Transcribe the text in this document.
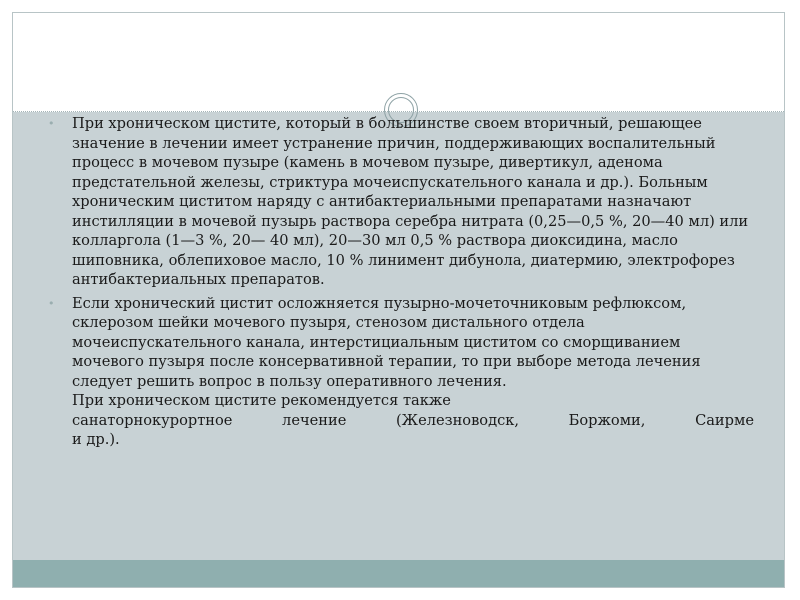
•	При хроническом цистите, который в большинстве своем вторичный, решающее значение в лечении имеет устранение причин, поддерживающих воспалительный процесс в мочевом пузыре (камень в мочевом пузыре, дивертикул, аденома предстательной железы, стриктура мочеиспускательного канала и др.). Больным хроническим циститом наряду с антибактериальными препаратами назначают инстилляции в мочевой пузырь раствора серебра нитрата (0,25—0,5 %, 20—40 мл) или колларгола (1—3 %, 20— 40 мл), 20—30 мл 0,5 % раствора диоксидина, масло шиповника, облепиховое масло, 10 % линимент дибунола, диатермию, электрофорез антибактериальных препаратов.
•	Если хронический цистит осложняется пузырно-мочеточниковым рефлюксом, склерозом шейки мочевого пузыря, стенозом дистального отдела мочеиспускательного канала, интерстициальным циститом со сморщиванием мочевого пузыря после консервативной терапии, то при выборе метода лечения следует решить вопрос в пользу оперативного лечения.
При хроническом цистите рекомендуется также
санаторнокурортное лечение (Железноводск, Боржоми, Саирме
и др.).
